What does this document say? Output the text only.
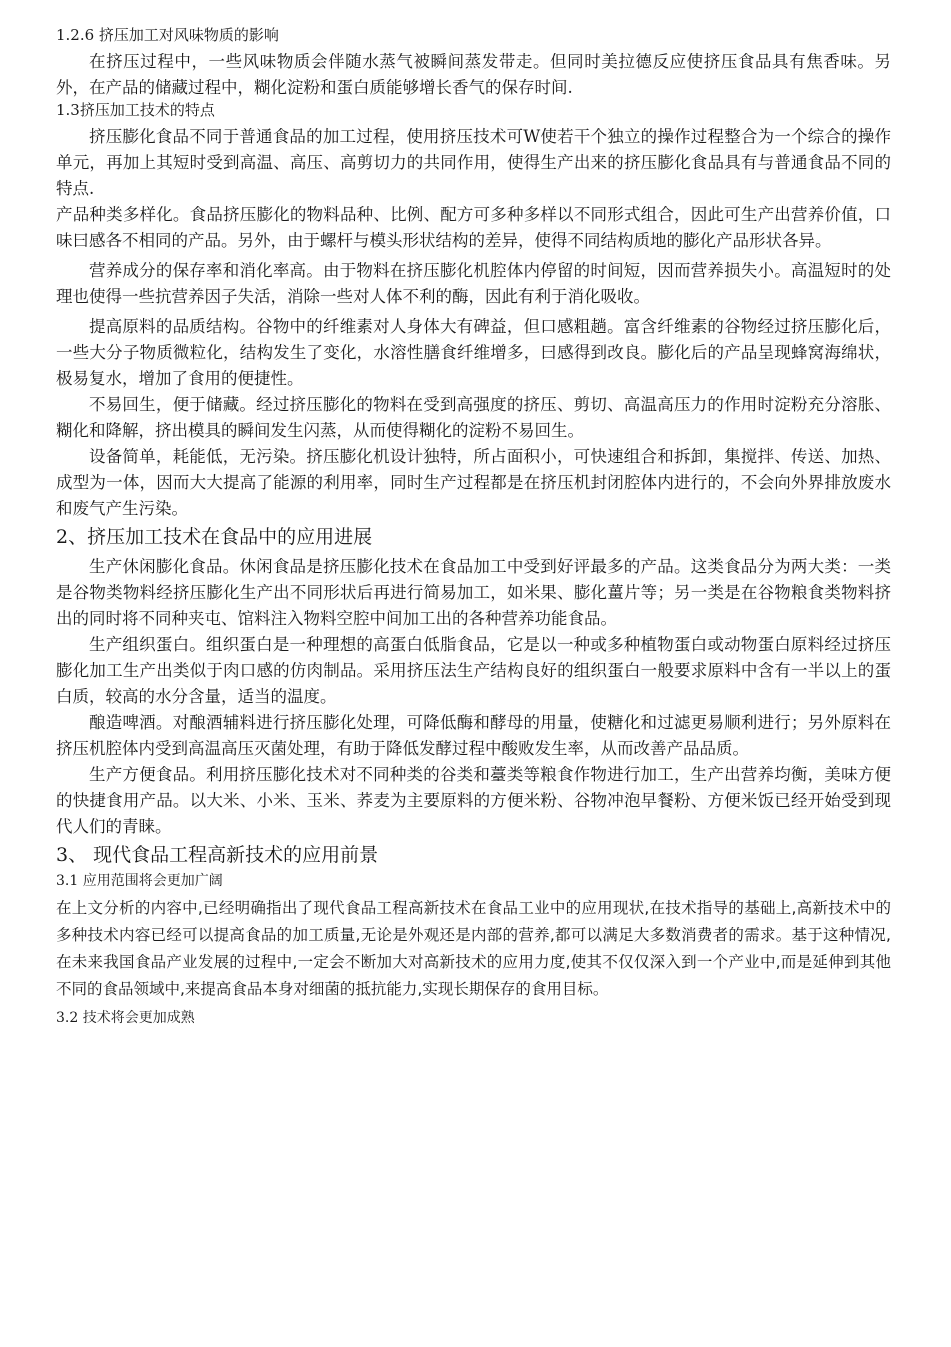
1.2.6 挤压加工对风味物质的影响

在挤压过程中，一些风味物质会伴随水蒸气被瞬间蒸发带走。但同时美拉德反应使挤压食品具有焦香味。另外，在产品的储藏过程中，糊化淀粉和蛋白质能够增长香气的保存时间.

1.3挤压加工技术的特点

挤压膨化食品不同于普通食品的加工过程，使用挤压技术可W使若干个独立的操作过程整合为一个综合的操作单元，再加上其短时受到高温、高压、高剪切力的共同作用，使得生产出来的挤压膨化食品具有与普通食品不同的特点.

产品种类多样化。食品挤压膨化的物料品种、比例、配方可多种多样以不同形式组合，因此可生产出营养价值，口味曰感各不相同的产品。另外，由于螺杆与模头形状结构的差异，使得不同结构质地的膨化产品形状各异。

营养成分的保存率和消化率高。由于物料在挤压膨化机腔体内停留的时间短，因而营养损失小。高温短时的处理也使得一些抗营养因子失活，消除一些对人体不利的酶，因此有利于消化吸收。

提高原料的品质结构。谷物中的纤维素对人身体大有碑益，但口感粗趟。富含纤维素的谷物经过挤压膨化后，一些大分子物质微粒化，结构发生了变化，水溶性膳食纤维增多，曰感得到改良。膨化后的产品呈现蜂窝海绵状，极易复水，增加了食用的便捷性。

不易回生，便于储藏。经过挤压膨化的物料在受到高强度的挤压、剪切、高温高压力的作用时淀粉充分溶胀、糊化和降解，挤出模具的瞬间发生闪蒸，从而使得糊化的淀粉不易回生。

设备简单，耗能低，无污染。挤压膨化机设计独特，所占面积小，可快速组合和拆卸，集搅拌、传送、加热、成型为一体，因而大大提高了能源的利用率，同时生产过程都是在挤压机封闭腔体内进行的，不会向外界排放废水和废气产生污染。

2、挤压加工技术在食品中的应用进展

生产休闲膨化食品。休闲食品是挤压膨化技术在食品加工中受到好评最多的产品。这类食品分为两大类：一类是谷物类物料经挤压膨化生产出不同形状后再进行简易加工，如米果、膨化薑片等；另一类是在谷物粮食类物料挤出的同时将不同种夹屯、馆料注入物料空腔中间加工出的各种营养功能食品。

生产组织蛋白。组织蛋白是一种理想的高蛋白低脂食品，它是以一种或多种植物蛋白或动物蛋白原料经过挤压膨化加工生产出类似于肉口感的仿肉制品。采用挤压法生产结构良好的组织蛋白一般要求原料中含有一半以上的蛋白质，较高的水分含量，适当的温度。

酿造啤酒。对酿酒辅料进行挤压膨化处理，可降低酶和酵母的用量，使糖化和过滤更易顺利进行；另外原料在挤压机腔体内受到高温高压灭菌处理，有助于降低发酵过程中酸败发生率，从而改善产品品质。

生产方便食品。利用挤压膨化技术对不同种类的谷类和薹类等粮食作物进行加工，生产出营养均衡，美味方便的快捷食用产品。以大米、小米、玉米、荞麦为主要原料的方便米粉、谷物冲泡早餐粉、方便米饭已经开始受到现代人们的青睐。

3、 现代食品工程高新技术的应用前景
3.1 应用范围将会更加广阔

在上文分析的内容中,已经明确指出了现代食品工程高新技术在食品工业中的应用现状,在技术指导的基础上,高新技术中的多种技术内容已经可以提高食品的加工质量,无论是外观还是内部的营养,都可以满足大多数消费者的需求。基于这种情况,在未来我国食品产业发展的过程中,一定会不断加大对高新技术的应用力度,使其不仅仅深入到一个产业中,而是延伸到其他不同的食品领域中,来提高食品本身对细菌的抵抗能力,实现长期保存的食用目标。

3.2 技术将会更加成熟
